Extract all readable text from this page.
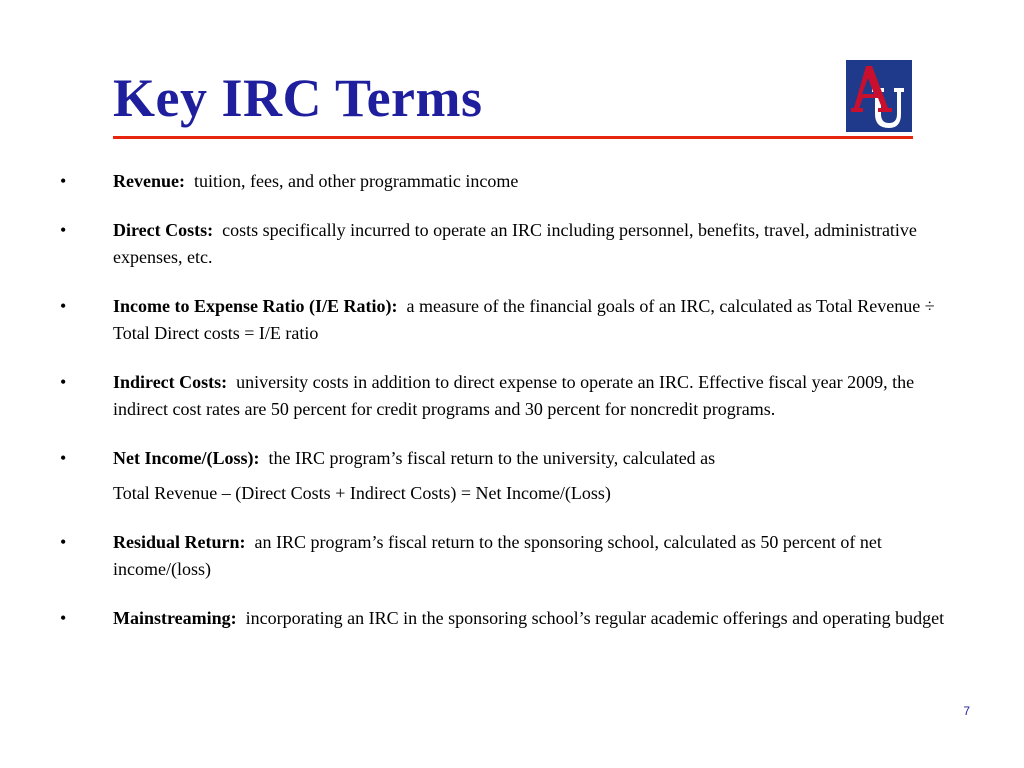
Key IRC Terms
•	Revenue: tuition, fees, and other programmatic income
•	Direct Costs: costs specifically incurred to operate an IRC including personnel, benefits, travel, administrative expenses, etc.
•	Income to Expense Ratio (I/E Ratio): a measure of the financial goals of an IRC, calculated as Total Revenue ÷ Total Direct costs = I/E ratio
•	Indirect Costs: university costs in addition to direct expense to operate an IRC. Effective fiscal year 2009, the indirect cost rates are 50 percent for credit programs and 30 percent for noncredit programs.
•	Net Income/(Loss): the IRC program’s fiscal return to the university, calculated as
Total Revenue – (Direct Costs + Indirect Costs) = Net Income/(Loss)
•	Residual Return: an IRC program’s fiscal return to the sponsoring school, calculated as 50 percent of net income/(loss)
•	Mainstreaming: incorporating an IRC in the sponsoring school’s regular academic offerings and operating budget
7
